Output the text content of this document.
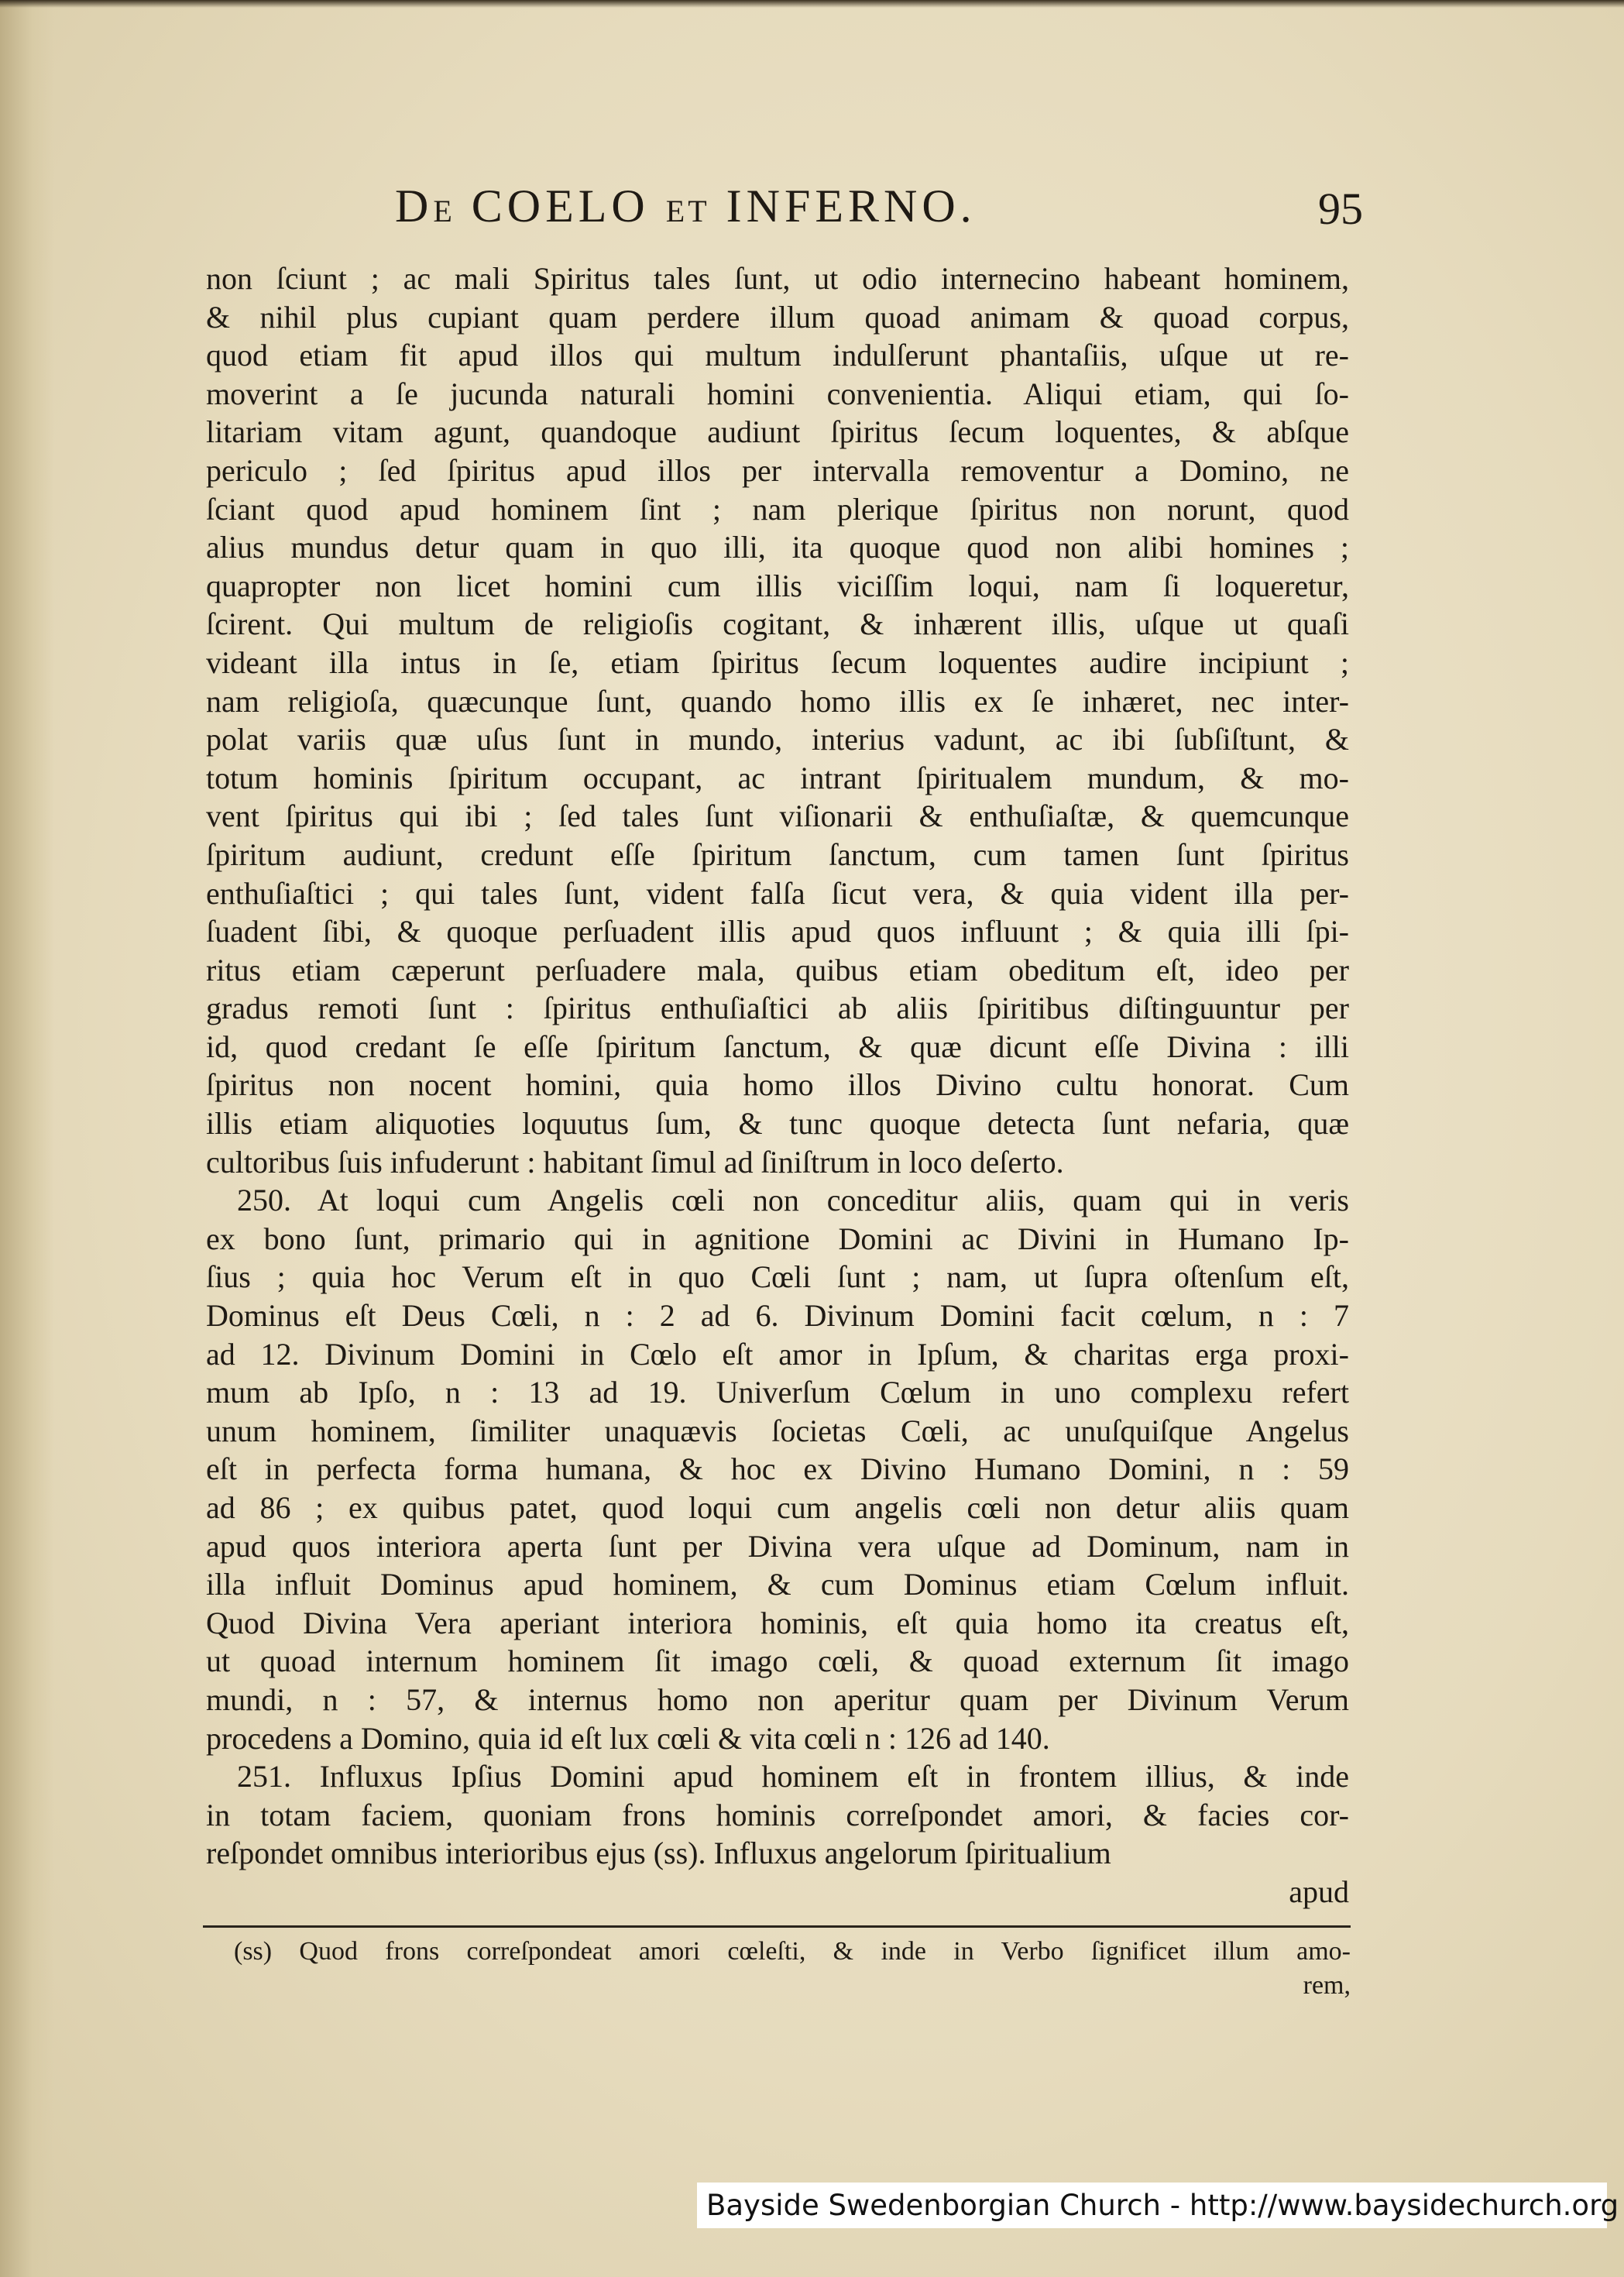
DE COELO ET INFERNO.	95
non ſciunt ; ac mali Spiritus tales ſunt, ut odio internecino habeant hominem,
& nihil plus cupiant quam perdere illum quoad animam & quoad corpus,
quod etiam fit apud illos qui multum indulſerunt phantaſiis, uſque ut re-
moverint a ſe jucunda naturali homini convenientia. Aliqui etiam, qui ſo-
litariam vitam agunt, quandoque audiunt ſpiritus ſecum loquentes, & abſque
periculo ; ſed ſpiritus apud illos per intervalla removentur a Domino, ne
ſciant quod apud hominem ſint ; nam plerique ſpiritus non norunt, quod
alius mundus detur quam in quo illi, ita quoque quod non alibi homines ;
quapropter non licet homini cum illis viciſſim loqui, nam ſi loqueretur,
ſcirent. Qui multum de religioſis cogitant, & inhærent illis, uſque ut quaſi
videant illa intus in ſe, etiam ſpiritus ſecum loquentes audire incipiunt ;
nam religioſa, quæcunque ſunt, quando homo illis ex ſe inhæret, nec inter-
polat variis quæ uſus ſunt in mundo, interius vadunt, ac ibi ſubſiſtunt, &
totum hominis ſpiritum occupant, ac intrant ſpiritualem mundum, & mo-
vent ſpiritus qui ibi ; ſed tales ſunt viſionarii & enthuſiaſtæ, & quemcunque
ſpiritum audiunt, credunt eſſe ſpiritum ſanctum, cum tamen ſunt ſpiritus
enthuſiaſtici ; qui tales ſunt, vident falſa ſicut vera, & quia vident illa per-
ſuadent ſibi, & quoque perſuadent illis apud quos influunt ; & quia illi ſpi-
ritus etiam cæperunt perſuadere mala, quibus etiam obeditum eſt, ideo per
gradus remoti ſunt : ſpiritus enthuſiaſtici ab aliis ſpiritibus diſtinguuntur per
id, quod credant ſe eſſe ſpiritum ſanctum, & quæ dicunt eſſe Divina : illi
ſpiritus non nocent homini, quia homo illos Divino cultu honorat. Cum
illis etiam aliquoties loquutus ſum, & tunc quoque detecta ſunt nefaria, quæ
cultoribus ſuis infuderunt : habitant ſimul ad ſiniſtrum in loco deſerto.
250. At loqui cum Angelis cœli non conceditur aliis, quam qui in veris
ex bono ſunt, primario qui in agnitione Domini ac Divini in Humano Ip-
ſius ; quia hoc Verum eſt in quo Cœli ſunt ; nam, ut ſupra oſtenſum eſt,
Dominus eſt Deus Cœli, n : 2 ad 6. Divinum Domini facit cœlum, n : 7
ad 12. Divinum Domini in Cœlo eſt amor in Ipſum, & charitas erga proxi-
mum ab Ipſo, n : 13 ad 19. Univerſum Cœlum in uno complexu refert
unum hominem, ſimiliter unaquævis ſocietas Cœli, ac unuſquiſque Angelus
eſt in perfecta forma humana, & hoc ex Divino Humano Domini, n : 59
ad 86 ; ex quibus patet, quod loqui cum angelis cœli non detur aliis quam
apud quos interiora aperta ſunt per Divina vera uſque ad Dominum, nam in
illa influit Dominus apud hominem, & cum Dominus etiam Cœlum influit.
Quod Divina Vera aperiant interiora hominis, eſt quia homo ita creatus eſt,
ut quoad internum hominem ſit imago cœli, & quoad externum ſit imago
mundi, n : 57, & internus homo non aperitur quam per Divinum Verum
procedens a Domino, quia id eſt lux cœli & vita cœli n : 126 ad 140.
251. Influxus Ipſius Domini apud hominem eſt in frontem illius, & inde
in totam faciem, quoniam frons hominis correſpondet amori, & facies cor-
reſpondet omnibus interioribus ejus (ss). Influxus angelorum ſpiritualium
apud
(ss) Quod frons correſpondeat amori cœleſti, & inde in Verbo ſignificet illum amo-
rem,
Bayside Swedenborgian Church - http://www.baysidechurch.org
